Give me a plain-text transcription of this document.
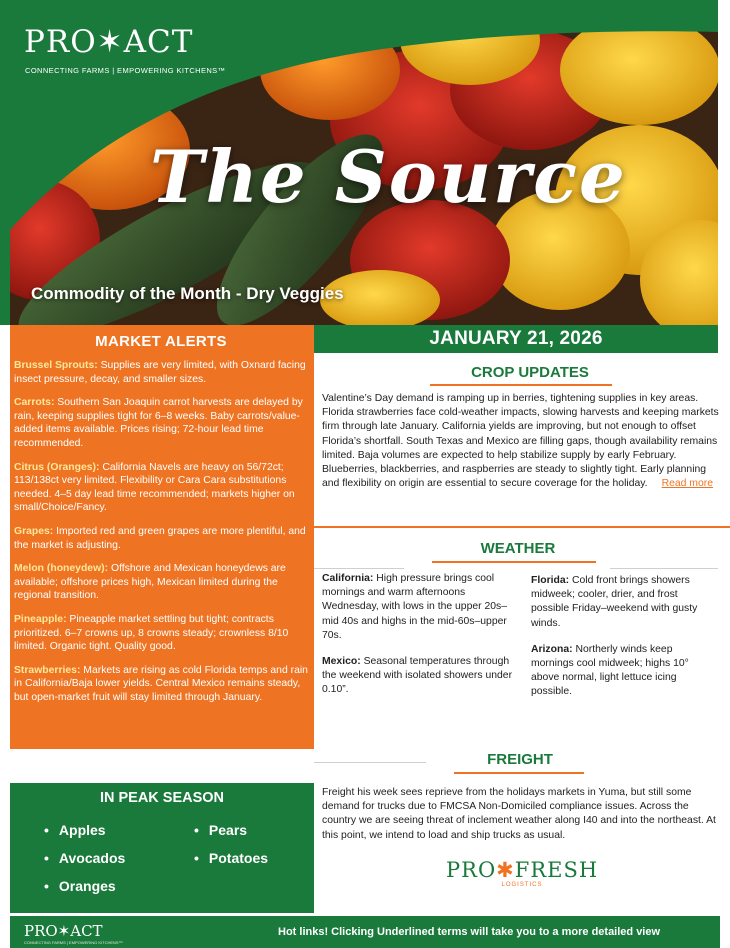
PRO✶ACT
CONNECTING FARMS | EMPOWERING KITCHENS™
The Source
Commodity of the Month - Dry Veggies
MARKET ALERTS

Brussel Sprouts: Supplies are very limited, with Oxnard facing insect pressure, decay, and smaller sizes.

Carrots: Southern San Joaquin carrot harvests are delayed by rain, keeping supplies tight for 6–8 weeks. Baby carrots/value-added items available. Prices rising; 72-hour lead time recommended.

Citrus (Oranges): California Navels are heavy on 56/72ct; 113/138ct very limited. Flexibility or Cara Cara substitutions needed. 4–5 day lead time recommended; markets higher on small/Choice/Fancy.

Grapes: Imported red and green grapes are more plentiful, and the market is adjusting.

Melon (honeydew): Offshore and Mexican honeydews are available; offshore prices high, Mexican limited during the regional transition.

Pineapple: Pineapple market settling but tight; contracts prioritized. 6–7 crowns up, 8 crowns steady; crownless 8/10 limited. Organic tight. Quality good.

Strawberries: Markets are rising as cold Florida temps and rain in California/Baja lower yields. Central Mexico remains steady, but open-market fruit will stay limited through January.

JANUARY 21, 2026
CROP UPDATES
Valentine’s Day demand is ramping up in berries, tightening supplies in key areas. Florida strawberries face cold-weather impacts, slowing harvests and keeping markets firm through late January. California yields are improving, but not enough to offset Florida’s shortfall. South Texas and Mexico are filling gaps, though availability remains limited. Baja volumes are expected to help stabilize supply by early February. Blueberries, blackberries, and raspberries are steady to slightly tight. Early planning and flexibility on origin are essential to secure coverage for the holiday. Read more
WEATHER

California: High pressure brings cool mornings and warm afternoons Wednesday, with lows in the upper 20s–mid 40s and highs in the mid-60s–upper 70s.

Mexico: Seasonal temperatures through the weekend with isolated showers under 0.10”.

Florida: Cold front brings showers midweek; cooler, drier, and frost possible Friday–weekend with gusty winds.

Arizona: Northerly winds keep mornings cool midweek; highs 10° above normal, light lettuce icing possible.

FREIGHT
Freight his week sees reprieve from the holidays markets in Yuma, but still some demand for trucks due to FMCSA Non-Domiciled compliance issues. Across the country we are seeing threat of inclement weather along I40 and into the northeast. At this point, we intend to load and ship trucks as usual.
PRO✱FRESH
LOGISTICS
IN PEAK SEASON
• Apples	• Pears
• Avocados	• Potatoes
• Oranges
PRO✶ACT
CONNECTING FARMS | EMPOWERING KITCHENS™
Hot links! Clicking Underlined terms will take you to a more detailed view
